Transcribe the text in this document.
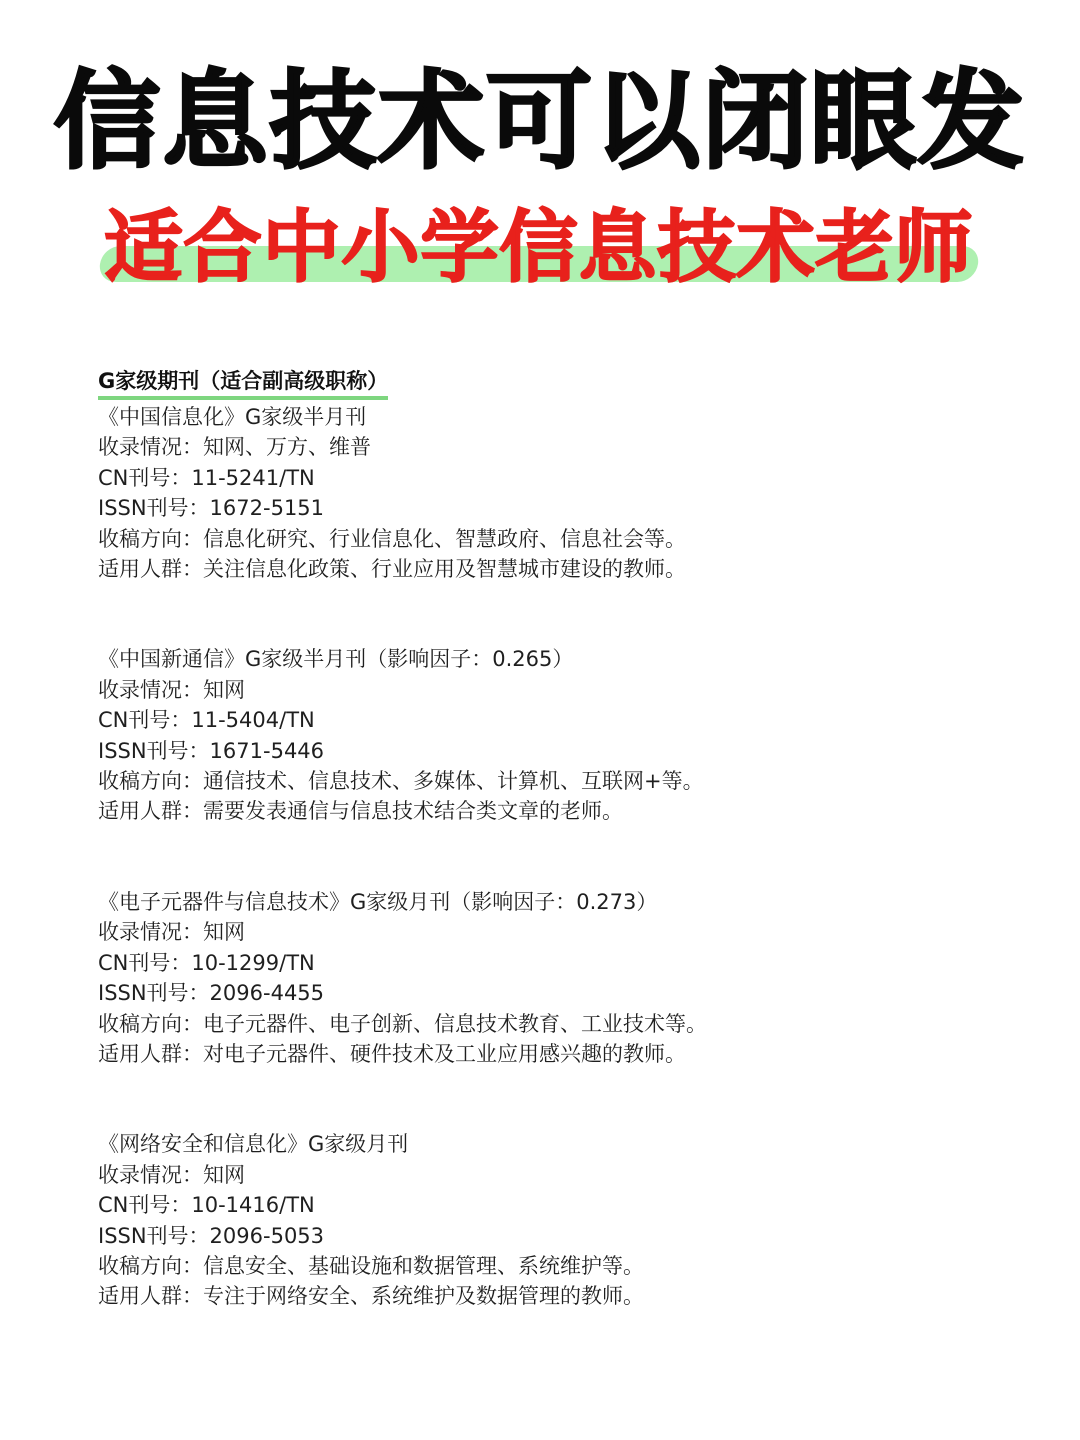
信息技术可以闭眼发
适合中小学信息技术老师
G家级期刊（适合副高级职称）
《中国信息化》G家级半月刊
收录情况：知网、万方、维普
CN刊号：11-5241/TN
ISSN刊号：1672-5151
收稿方向：信息化研究、行业信息化、智慧政府、信息社会等。
适用人群：关注信息化政策、行业应用及智慧城市建设的教师。
《中国新通信》G家级半月刊（影响因子：0.265）
收录情况：知网
CN刊号：11-5404/TN
ISSN刊号：1671-5446
收稿方向：通信技术、信息技术、多媒体、计算机、互联网+等。
适用人群：需要发表通信与信息技术结合类文章的老师。
《电子元器件与信息技术》G家级月刊（影响因子：0.273）
收录情况：知网
CN刊号：10-1299/TN
ISSN刊号：2096-4455
收稿方向：电子元器件、电子创新、信息技术教育、工业技术等。
适用人群：对电子元器件、硬件技术及工业应用感兴趣的教师。
《网络安全和信息化》G家级月刊
收录情况：知网
CN刊号：10-1416/TN
ISSN刊号：2096-5053
收稿方向：信息安全、基础设施和数据管理、系统维护等。
适用人群：专注于网络安全、系统维护及数据管理的教师。
